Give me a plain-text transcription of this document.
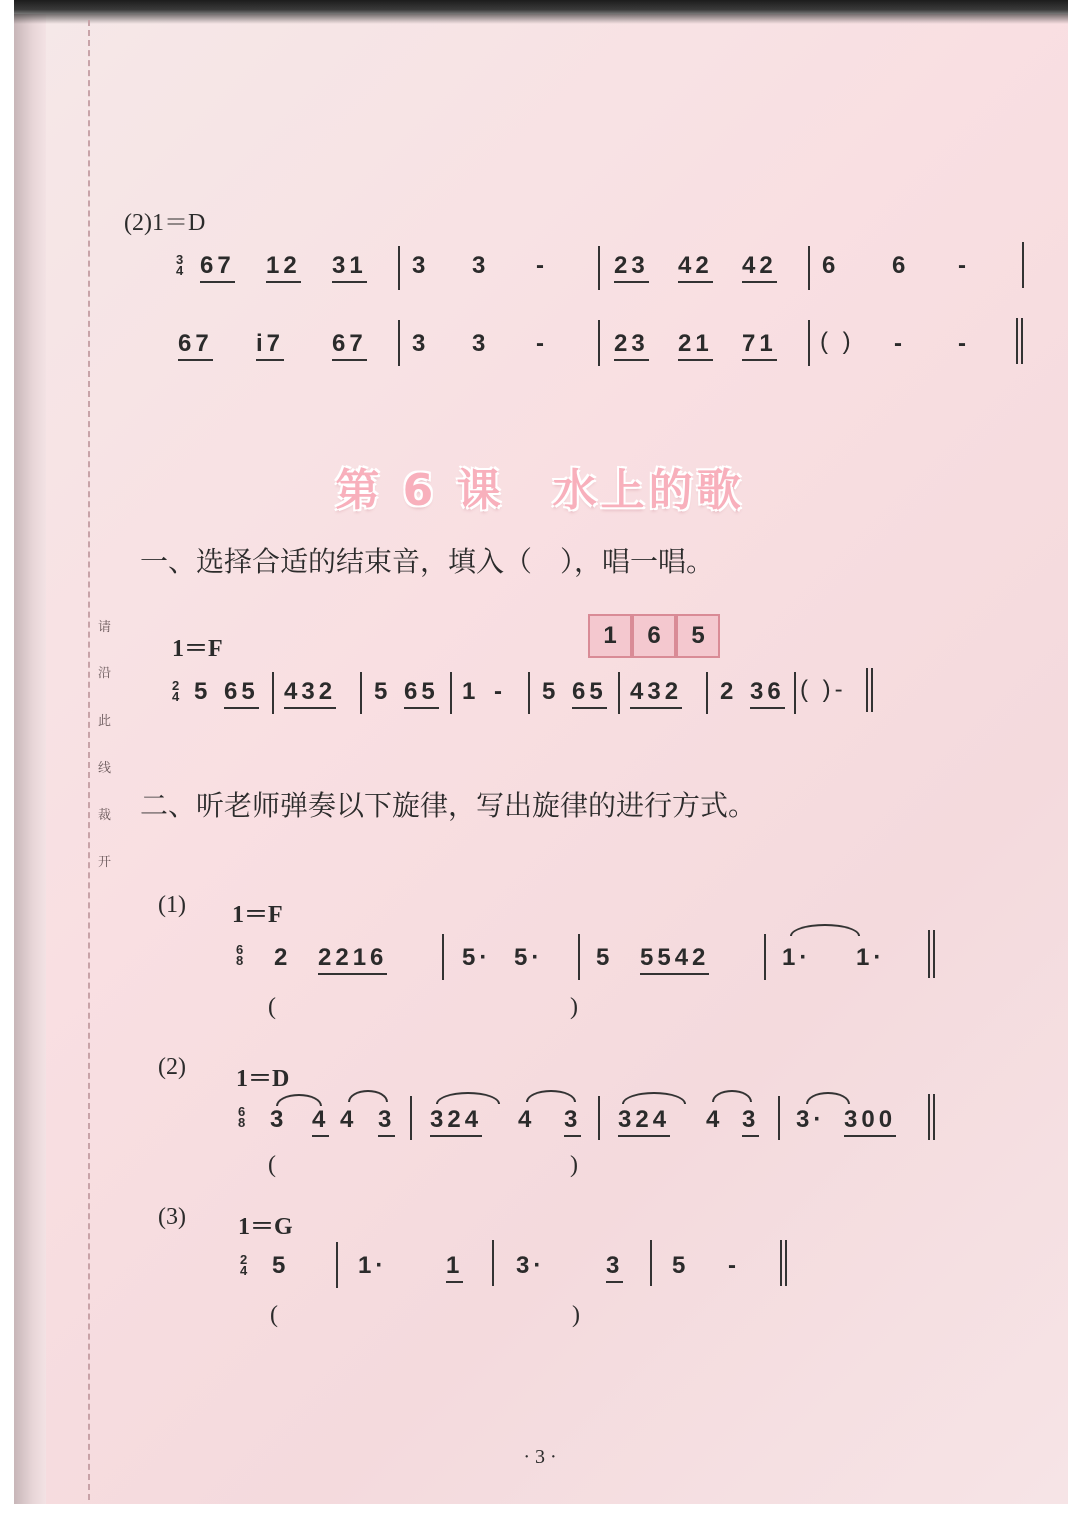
请
沿
此
线
裁
开
(2)1＝D
3
4 67 12 31 3 3 -	23 42 42 6 6 -
67 i7 67 3 3 -	23 21 71 ( ) - -
第 6 课　水上的歌
一、选择合适的结束音，填入（　），唱一唱。
1＝F	1	6	5
2
4 5 65 432 5 65 1 - 5 65 432 2 36 ( )-
二、听老师弹奏以下旋律，写出旋律的进行方式。
(1) 1＝F
6
8 2 2216	5· 5· 5 5542	1· 1·
(	)
(2) 1＝D
6
8 3 4 4 3 324 4 3 324 4 3 3· 300
(	)
(3) 1＝G
2
4 5	1· 1 3·	3 5 -
(	)
· 3 ·
